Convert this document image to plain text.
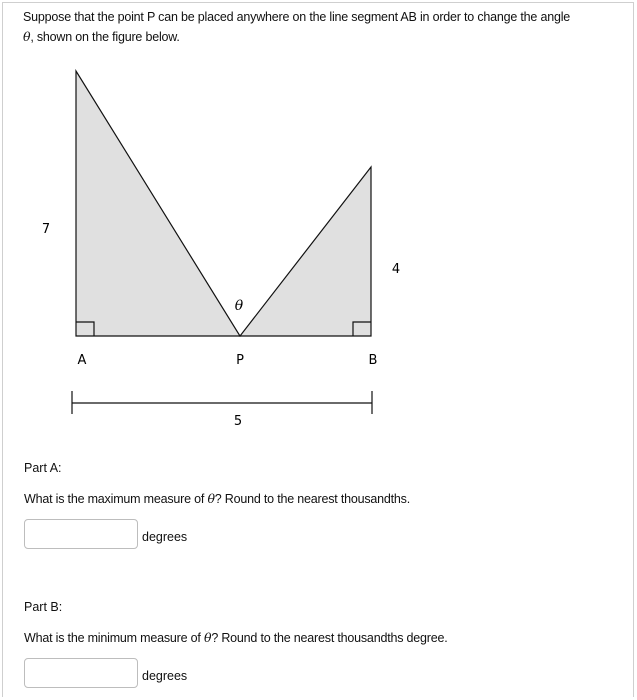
Suppose that the point P can be placed anywhere on the line segment AB in order to change the angle
θ, shown on the figure below.
7
4
θ
A	P	B
5
Part A:
What is the maximum measure of θ? Round to the nearest thousandths.
degrees
Part B:
What is the minimum measure of θ? Round to the nearest thousandths degree.
degrees
